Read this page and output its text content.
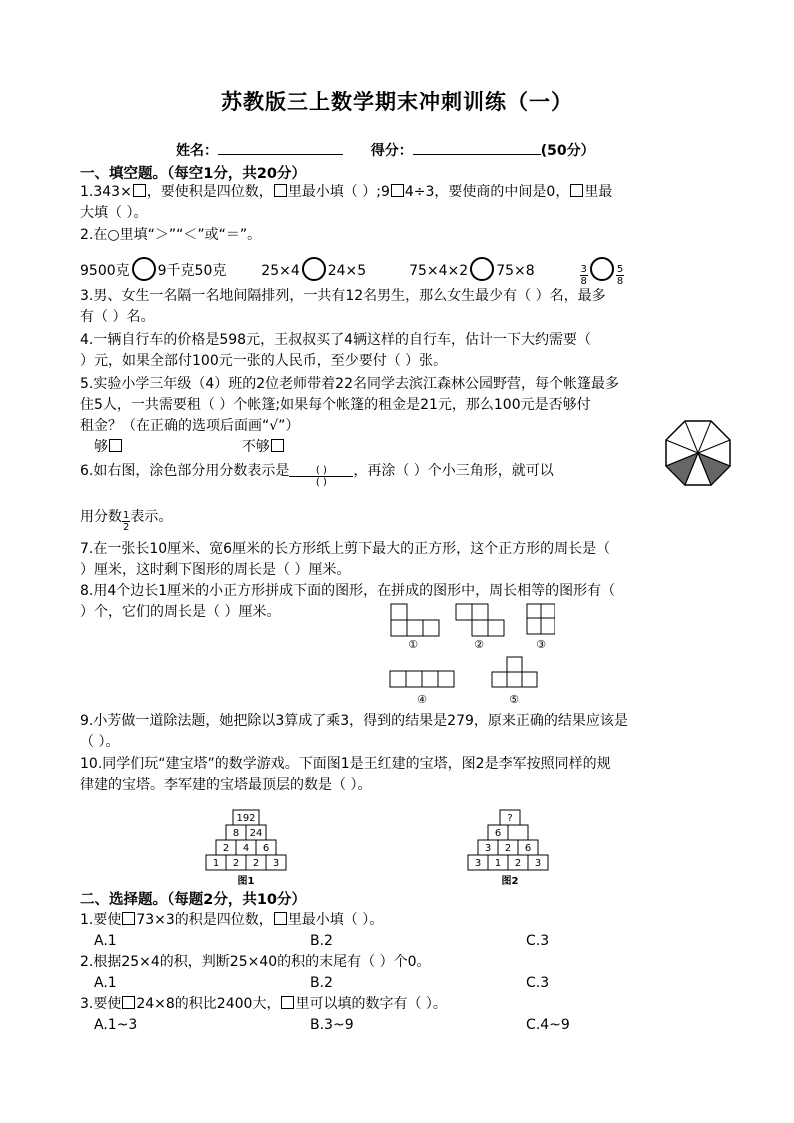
苏教版三上数学期末冲刺训练（一）
姓名：	得分：	(50分）
一、填空题。（每空1分，共20分）
1.343× ，要使积是四位数， 里最小填（ ）;9 4÷3，要使商的中间是0， 里最
大填（ ）。
2.在○里填“＞”“＜”或“＝”。
9500克 9千克50克 25×4 24×5	75×4×2 75×8	$\frac{3}{8}$	$\frac{5}{8}$
3.男、女生一名隔一名地间隔排列，一共有12名男生，那么女生最少有（ ）名，最多
有（ ）名。
4.一辆自行车的价格是598元，王叔叔买了4辆这样的自行车，估计一下大约需要（
）元，如果全部付100元一张的人民币，至少要付（ ）张。
5.实验小学三年级（4）班的2位老师带着22名同学去滨江森林公园野营，每个帐篷最多
住5人，一共需要租（ ）个帐篷;如果每个帐篷的租金是21元，那么100元是否够付
租金？（在正确的选项后面画“√”）
够	不够
6.如右图，涂色部分用分数表示是 $\frac{( )}{( )}$ ，再涂（ ）个小三角形，就可以
用分数 $\frac{1}{2}$ 表示。
7.在一张长10厘米、宽6厘米的长方形纸上剪下最大的正方形，这个正方形的周长是（
）厘米，这时剩下图形的周长是（ ）厘米。
8.用4个边长1厘米的小正方形拼成下面的图形，在拼成的图形中，周长相等的图形有（
）个，它们的周长是（ ）厘米。
①	②	③
④	⑤
9.小芳做一道除法题，她把除以3算成了乘3，得到的结果是279，原来正确的结果应该是
（ ）。
10.同学们玩“建宝塔”的数学游戏。下面图1是王红建的宝塔，图2是李军按照同样的规
律建的宝塔。李军建的宝塔最顶层的数是（ ）。
192
8 24
2 4 6
1 2 2 3
图1
?
6
3 2 6
3 1 2 3
图2
二、选择题。（每题2分，共10分）
1.要使 73×3的积是四位数， 里最小填（ ）。
A.1	B.2	C.3
2.根据25×4的积，判断25×40的积的末尾有（ ）个0。
A.1	B.2	C.3
3.要使 24×8的积比2400大， 里可以填的数字有（ ）。
A.1~3	B.3~9	C.4~9
